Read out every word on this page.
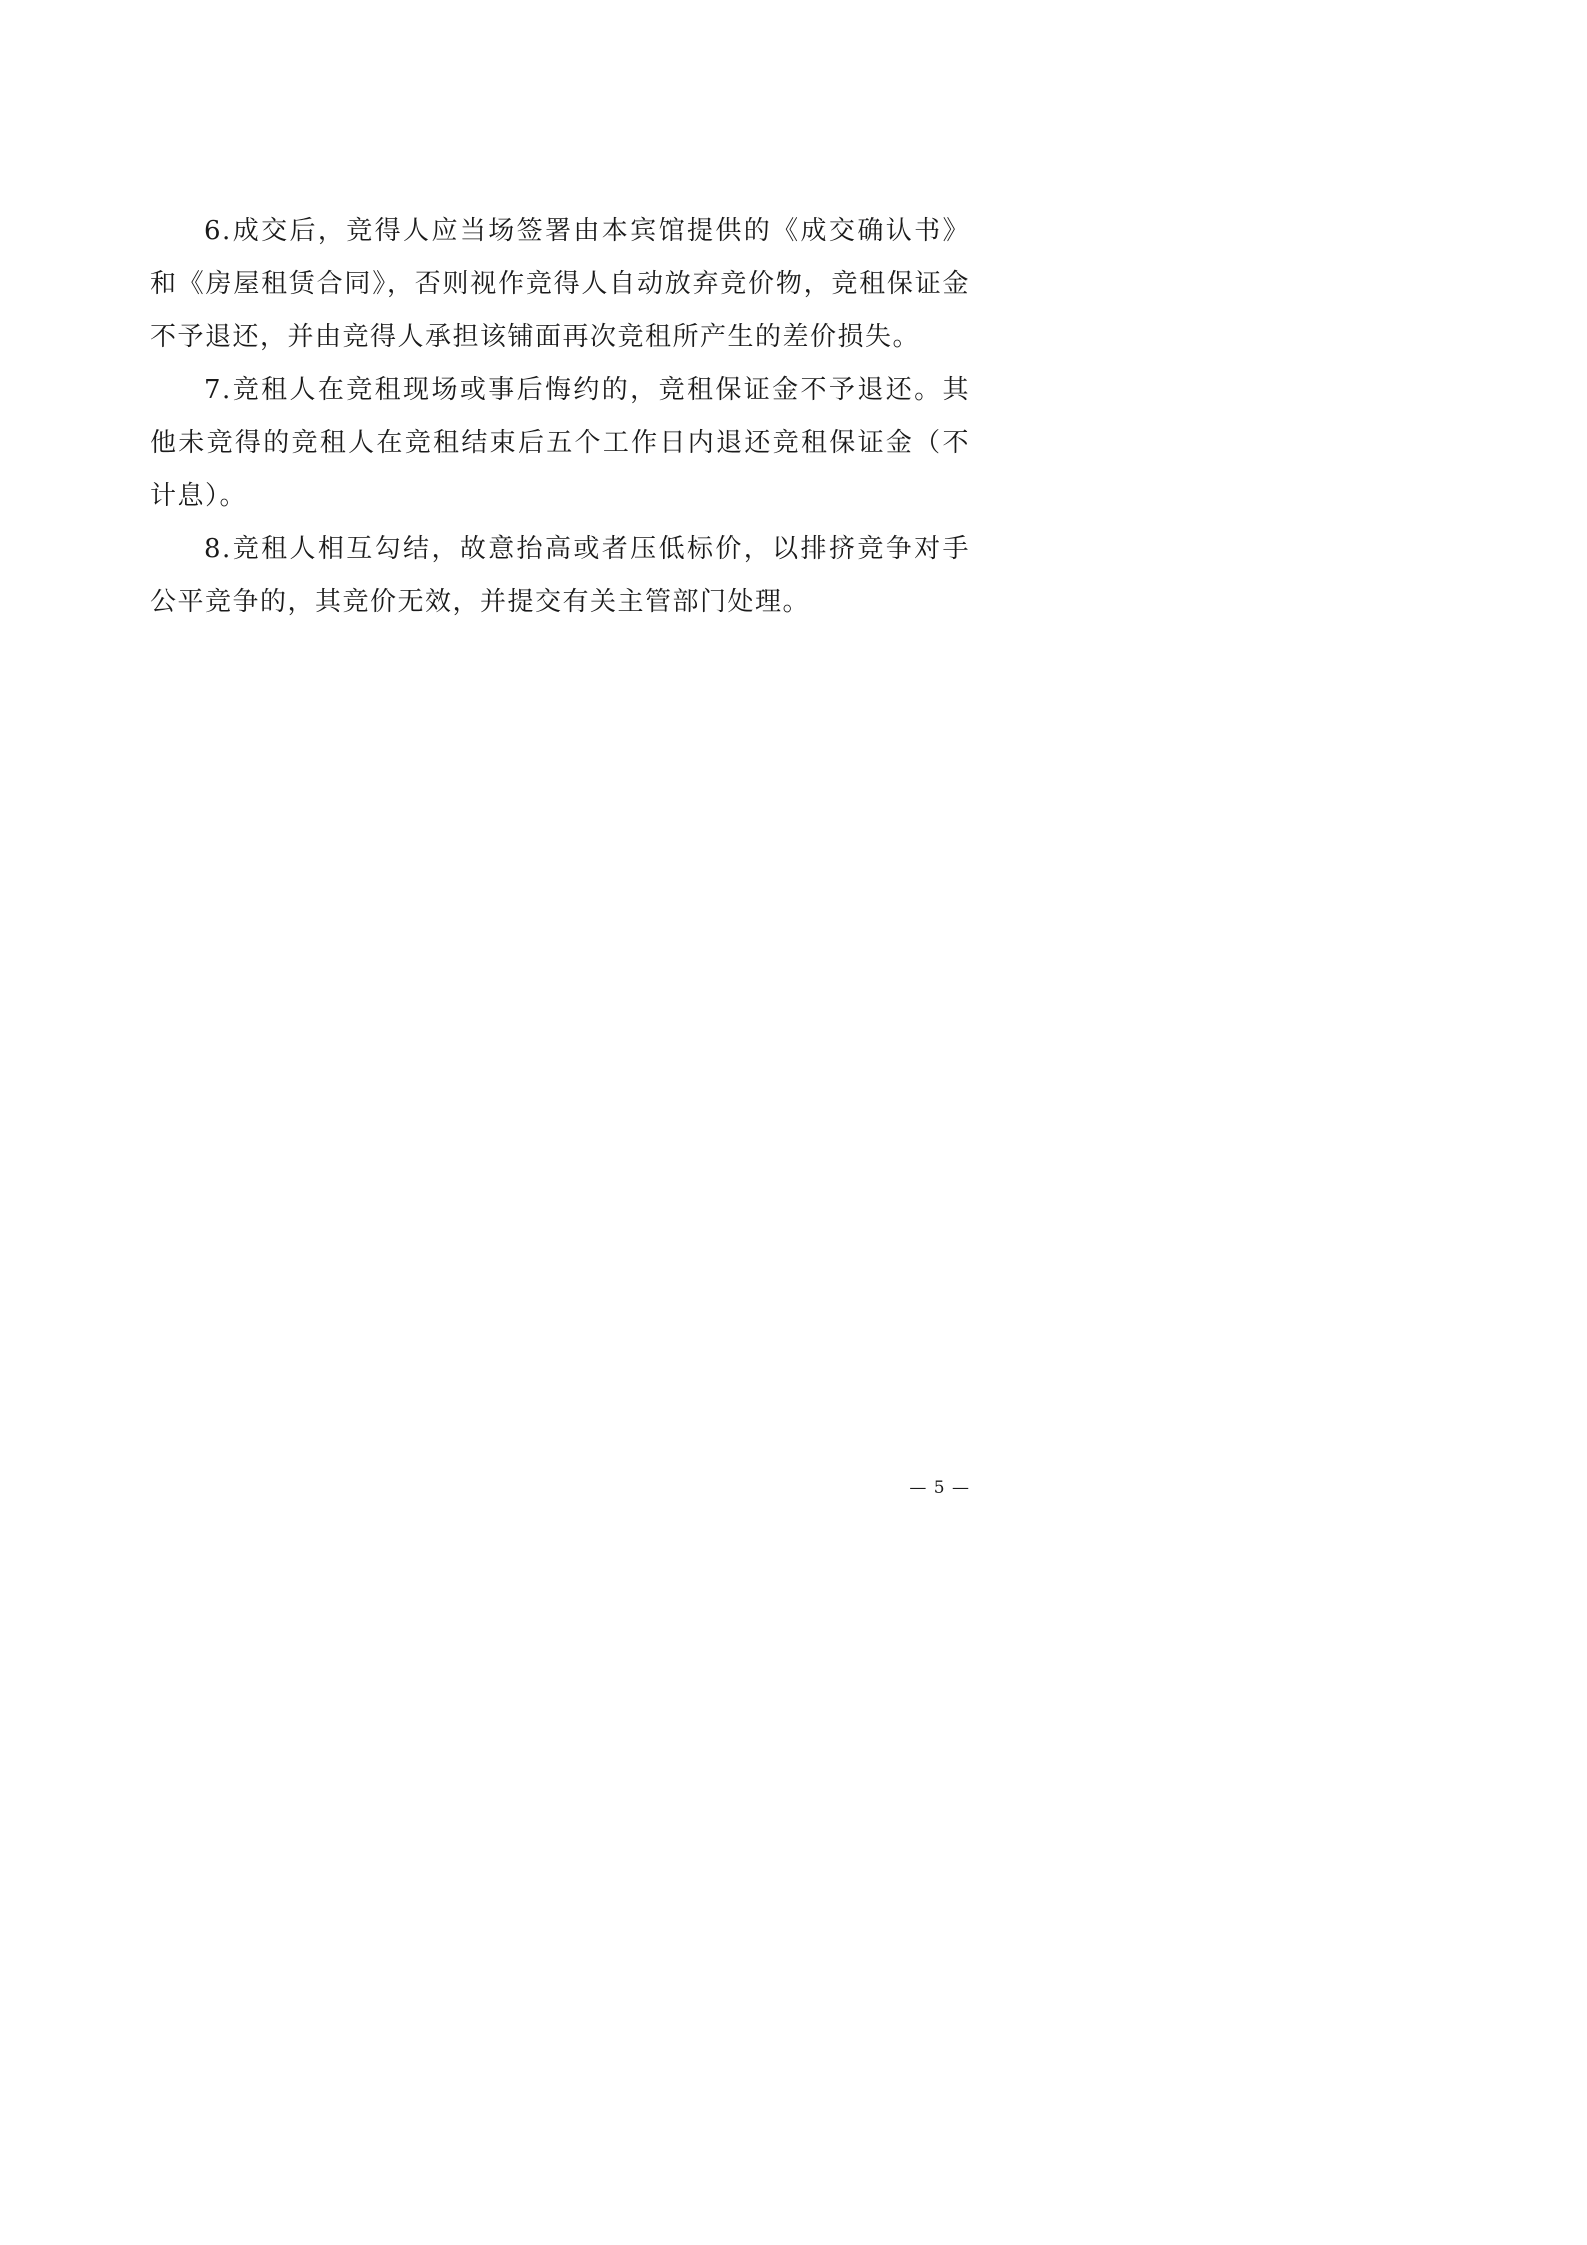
6.成交后，竞得人应当场签署由本宾馆提供的《成交确认书》和《房屋租赁合同》，否则视作竞得人自动放弃竞价物，竞租保证金不予退还，并由竞得人承担该铺面再次竞租所产生的差价损失。

7.竞租人在竞租现场或事后悔约的，竞租保证金不予退还。其他未竞得的竞租人在竞租结束后五个工作日内退还竞租保证金（不计息）。

8.竞租人相互勾结，故意抬高或者压低标价，以排挤竞争对手公平竞争的，其竞价无效，并提交有关主管部门处理。

— 5 —
